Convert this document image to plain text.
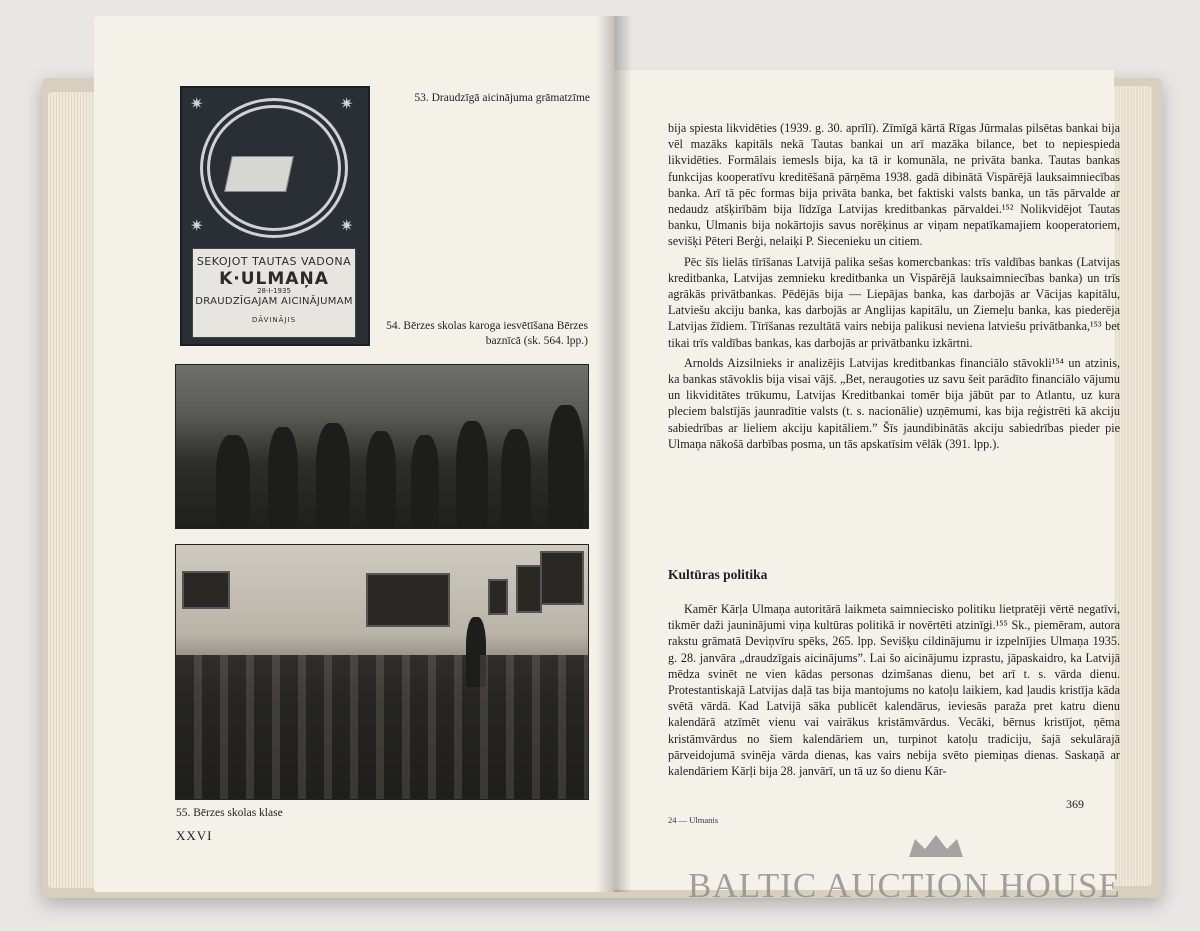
✷	✷
✷	✷
SEKOJOT TAUTAS VADONA
K·ULMAŅA
28-I-1935
DRAUDZĪGAJAM AICINĀJUMAM
DĀVINĀJIS
53. Draudzīgā aicinājuma grāmatzīme
54. Bērzes skolas karoga iesvētīšana Bērzes
baznīcā (sk. 564. lpp.)
55. Bērzes skolas klase
XXVI

bija spiesta likvidēties (1939. g. 30. aprīlī). Zīmīgā kārtā Rīgas Jūrmalas pilsētas bankai bija vēl mazāks kapitāls nekā Tautas bankai un arī mazāka bilance, bet to nepiespieda likvidēties. Formālais iemesls bija, ka tā ir komunāla, ne privāta banka. Tautas bankas funkcijas kooperatīvu kreditēšanā pārņēma 1938. gadā dibinātā Vispārējā lauksaimniecības banka. Arī tā pēc formas bija privāta banka, bet faktiski valsts banka, un tās pārvalde ar nedaudz atšķirībām bija līdzīga Latvijas kreditbankas pārvaldei.¹⁵² Nolikvidējot Tautas banku, Ulmanis bija nokārtojis savus norēķinus ar viņam nepatīkamajiem kooperatoriem, sevišķi Pēteri Berģi, nelaiķi P. Siecenieku un citiem.

Pēc šīs lielās tīrīšanas Latvijā palika sešas komercbankas: trīs valdības bankas (Latvijas kreditbanka, Latvijas zemnieku kreditbanka un Vispārējā lauksaimniecības banka) un trīs agrākās privātbankas. Pēdējās bija — Liepājas banka, kas darbojās ar Vācijas kapitālu, Latviešu akciju banka, kas darbojās ar Anglijas kapitālu, un Ziemeļu banka, kas piederēja Latvijas žīdiem. Tīrīšanas rezultātā vairs nebija palikusi neviena latviešu privātbanka,¹⁵³ bet tikai trīs valdības bankas, kas darbojās ar privātbanku izkārtni.

Arnolds Aizsilnieks ir analizējis Latvijas kreditbankas financiālo stāvokli¹⁵⁴ un atzinis, ka bankas stāvoklis bija visai vājš. „Bet, neraugoties uz savu šeit parādīto financiālo vājumu un likviditātes trūkumu, Latvijas Kreditbankai tomēr bija jābūt par to Atlantu, uz kura pleciem balstījās jaunradītie valsts (t. s. nacionālie) uzņēmumi, kas bija reģistrēti kā akciju sabiedrības ar lieliem akciju kapitāliem.” Šīs jaundibinātās akciju sabiedrības pieder pie Ulmaņa nākošā darbības posma, un tās apskatīsim vēlāk (391. lpp.).

Kultūras politika

Kamēr Kārļa Ulmaņa autoritārā laikmeta saimniecisko politiku lietpratēji vērtē negatīvi, tikmēr daži jauninājumi viņa kultūras politikā ir novērtēti atzinīgi.¹⁵⁵ Sk., piemēram, autora rakstu grāmatā Deviņvīru spēks, 265. lpp. Sevišķu cildinājumu ir izpelnījies Ulmaņa 1935. g. 28. janvāra „draudzīgais aicinājums”. Lai šo aicinājumu izprastu, jāpaskaidro, ka Latvijā mēdza svinēt ne vien kādas personas dzimšanas dienu, bet arī t. s. vārda dienu. Protestantiskajā Latvijas daļā tas bija mantojums no katoļu laikiem, kad ļaudis kristīja kāda svētā vārdā. Kad Latvijā sāka publicēt kalendārus, ieviesās paraža pret katru dienu kalendārā atzīmēt vienu vai vairākus kristāmvārdus. Vecāki, bērnus kristījot, ņēma kristāmvārdus no šiem kalendāriem un, turpinot katoļu tradiciju, šajā sekulārajā pārveidojumā svinēja vārda dienas, kas vairs nebija svēto piemiņas dienas. Saskaņā ar kalendāriem Kārļi bija 28. janvārī, un tā uz šo dienu Kār-

369
24 — Ulmanis
BALTIC AUCTION HOUSE
